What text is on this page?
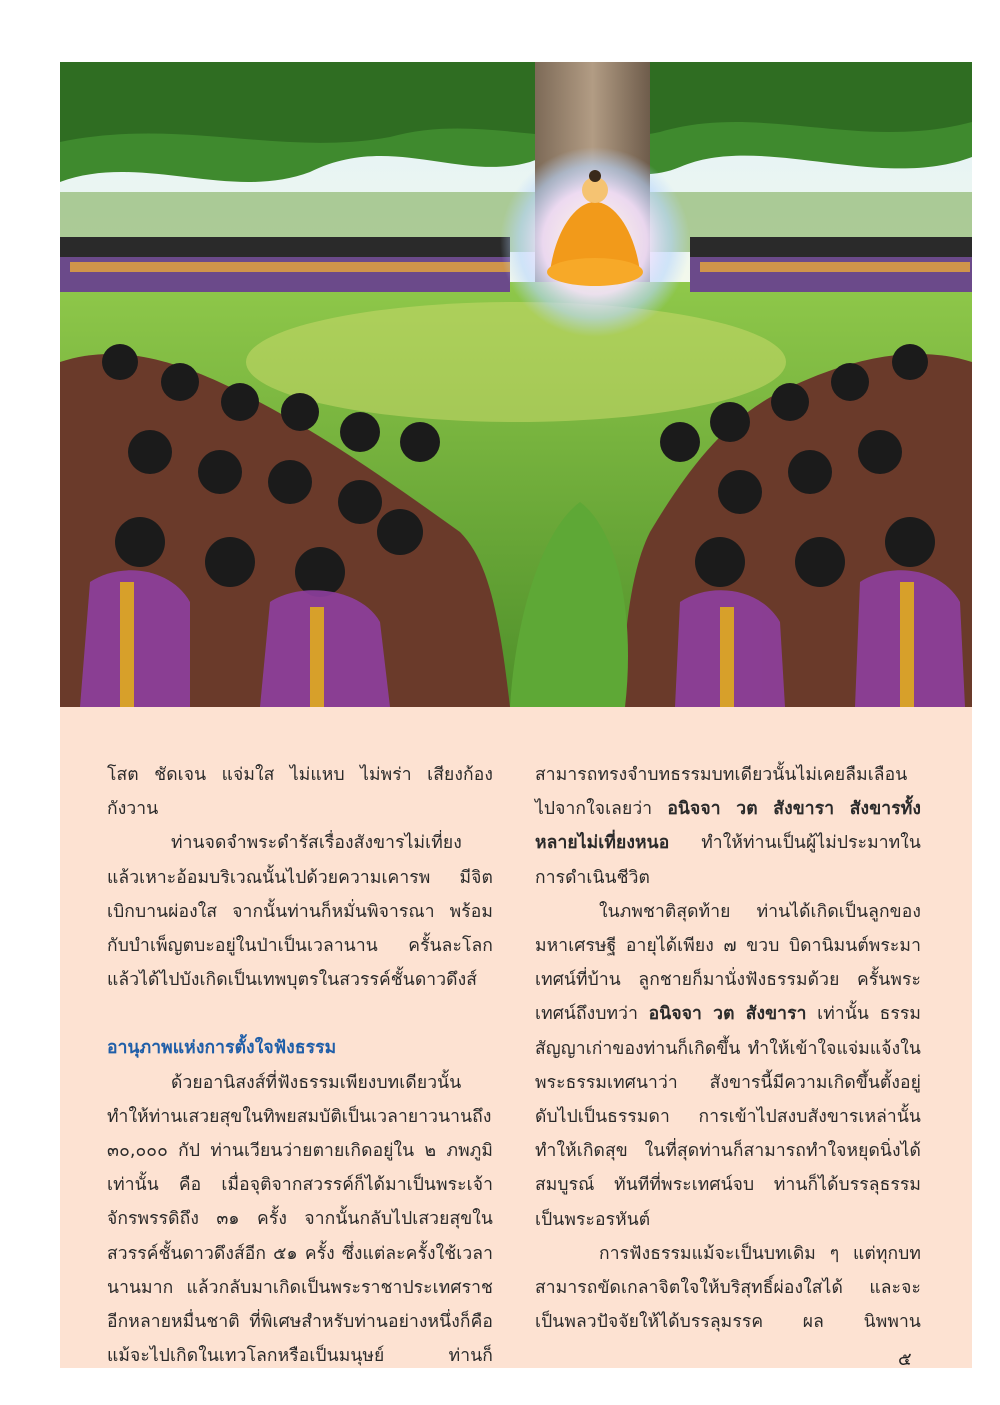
โสต ชัดเจน แจ่มใส ไม่แหบ ไม่พร่า เสียงก้องกังวาน

ท่านจดจำพระดำรัสเรื่องสังขารไม่เที่ยง แล้วเหาะอ้อมบริเวณนั้นไปด้วยความเคารพ มีจิตเบิกบานผ่องใส จากนั้นท่านก็หมั่นพิจารณา พร้อมกับบำเพ็ญตบะอยู่ในป่าเป็นเวลานาน ครั้นละโลกแล้วได้ไปบังเกิดเป็นเทพบุตรในสวรรค์ชั้นดาวดึงส์

อานุภาพแห่งการตั้งใจฟังธรรม

ด้วยอานิสงส์ที่ฟังธรรมเพียงบทเดียวนั้น ทำให้ท่านเสวยสุขในทิพยสมบัติเป็นเวลายาวนานถึง ๓๐,๐๐๐ กัป ท่านเวียนว่ายตายเกิดอยู่ใน ๒ ภพภูมิ เท่านั้น คือ เมื่อจุติจากสวรรค์ก็ได้มาเป็นพระเจ้าจักรพรรดิถึง ๓๑ ครั้ง จากนั้นกลับไปเสวยสุขในสวรรค์ชั้นดาวดึงส์อีก ๕๑ ครั้ง ซึ่งแต่ละครั้งใช้เวลานานมาก แล้วกลับมาเกิดเป็นพระราชาประเทศราชอีกหลายหมื่นชาติ ที่พิเศษสำหรับท่านอย่างหนึ่งก็คือ แม้จะไปเกิดในเทวโลกหรือเป็นมนุษย์ ท่านก็

สามารถทรงจำบทธรรมบทเดียวนั้นไม่เคยลืมเลือนไปจากใจเลยว่า อนิจจา วต สังขารา สังขารทั้งหลายไม่เที่ยงหนอ ทำให้ท่านเป็นผู้ไม่ประมาทในการดำเนินชีวิต

ในภพชาติสุดท้าย ท่านได้เกิดเป็นลูกของมหาเศรษฐี อายุได้เพียง ๗ ขวบ บิดานิมนต์พระมาเทศน์ที่บ้าน ลูกชายก็มานั่งฟังธรรมด้วย ครั้นพระเทศน์ถึงบทว่า อนิจจา วต สังขารา เท่านั้น ธรรมสัญญาเก่าของท่านก็เกิดขึ้น ทำให้เข้าใจแจ่มแจ้งในพระธรรมเทศนาว่า สังขารนี้มีความเกิดขึ้นตั้งอยู่ ดับไปเป็นธรรมดา การเข้าไปสงบสังขารเหล่านั้นทำให้เกิดสุข ในที่สุดท่านก็สามารถทำใจหยุดนิ่งได้สมบูรณ์ ทันทีที่พระเทศน์จบ ท่านก็ได้บรรลุธรรมเป็นพระอรหันต์

การฟังธรรมแม้จะเป็นบทเดิม ๆ แต่ทุกบทสามารถขัดเกลาจิตใจให้บริสุทธิ์ผ่องใสได้ และจะเป็นพลวปัจจัยให้ได้บรรลุมรรค ผล นิพพาน

๕
